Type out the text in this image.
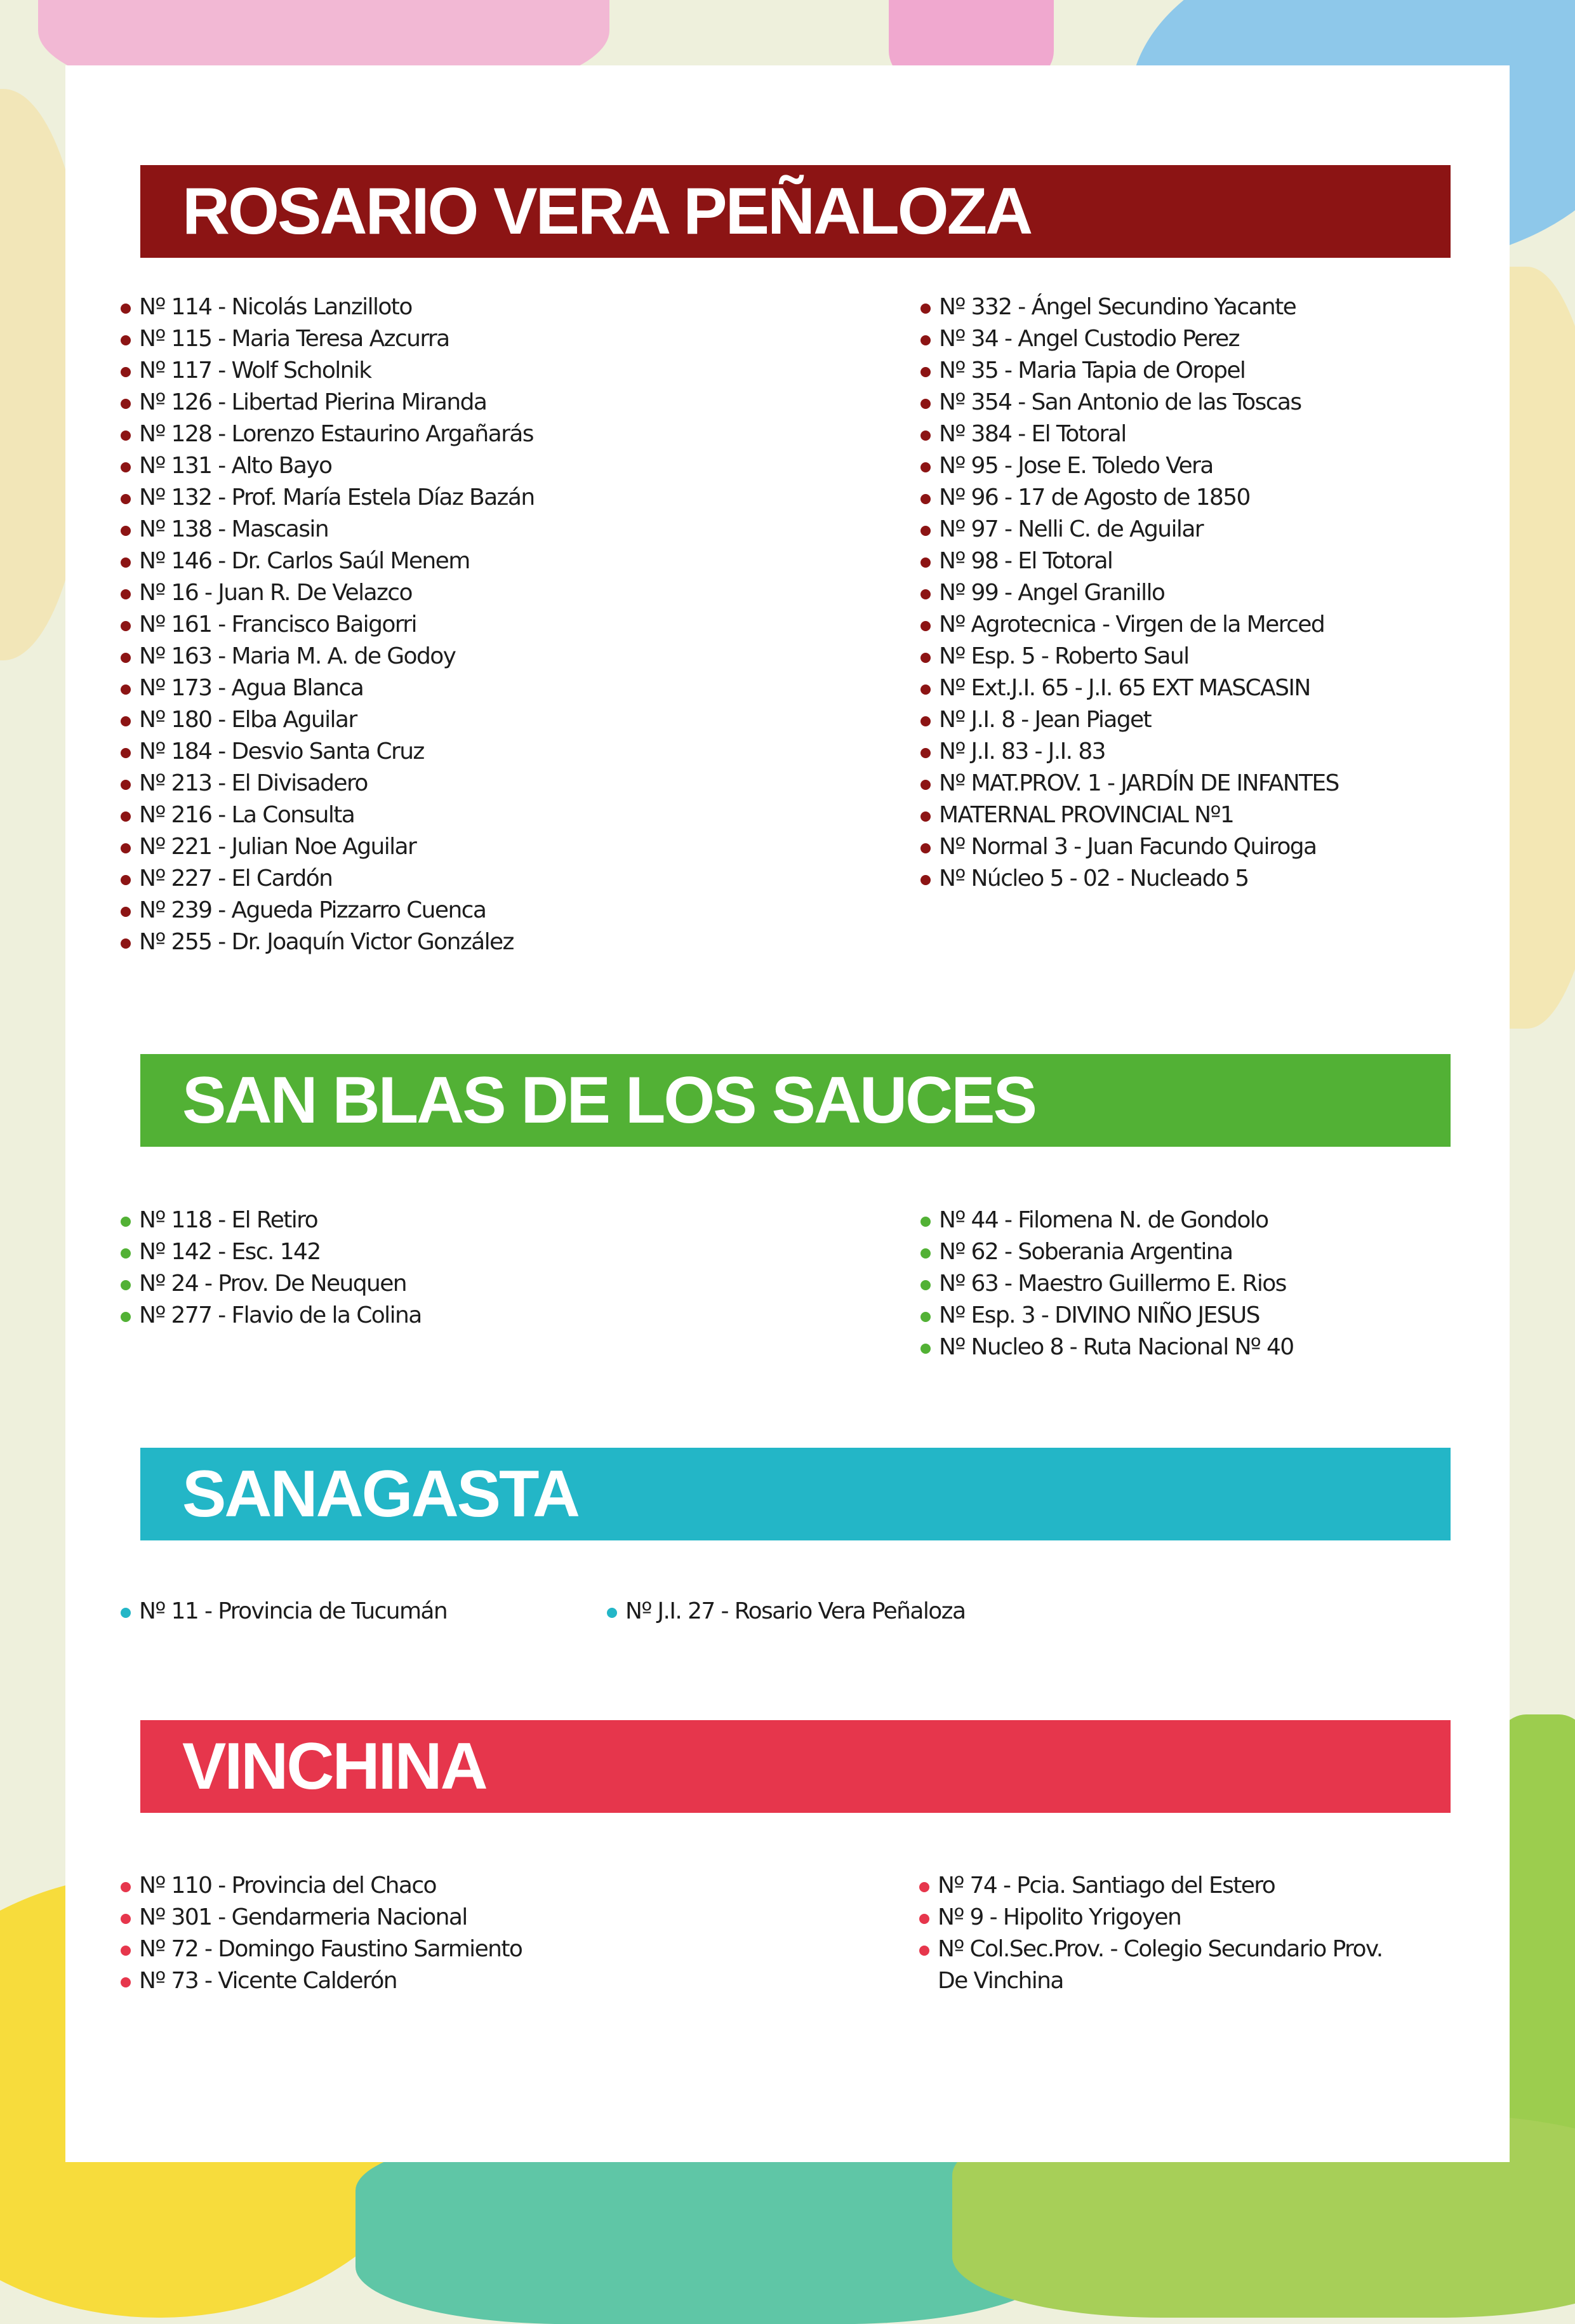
ROSARIO VERA PEÑALOZA
Nº 114 - Nicolás Lanzilloto
Nº 115 - Maria Teresa Azcurra
Nº 117 - Wolf Scholnik
Nº 126 - Libertad Pierina Miranda
Nº 128 - Lorenzo Estaurino Argañarás
Nº 131 - Alto Bayo
Nº 132 - Prof. María Estela Díaz Bazán
Nº 138 - Mascasin
Nº 146 - Dr. Carlos Saúl Menem
Nº 16 - Juan R. De Velazco
Nº 161 - Francisco Baigorri
Nº 163 - Maria M. A. de Godoy
Nº 173 - Agua Blanca
Nº 180 - Elba Aguilar
Nº 184 - Desvio Santa Cruz
Nº 213 - El Divisadero
Nº 216 - La Consulta
Nº 221 - Julian Noe Aguilar
Nº 227 - El Cardón
Nº 239 - Agueda Pizzarro Cuenca
Nº 255 - Dr. Joaquín Victor González
Nº 332 - Ángel Secundino Yacante
Nº 34 - Angel Custodio Perez
Nº 35 - Maria Tapia de Oropel
Nº 354 - San Antonio de las Toscas
Nº 384 - El Totoral
Nº 95 - Jose E. Toledo Vera
Nº 96 - 17 de Agosto de 1850
Nº 97 - Nelli C. de Aguilar
Nº 98 - El Totoral
Nº 99 - Angel Granillo
Nº Agrotecnica - Virgen de la Merced
Nº Esp. 5 - Roberto Saul
Nº Ext.J.I. 65 - J.I. 65 EXT MASCASIN
Nº J.I. 8 - Jean Piaget
Nº J.I. 83 - J.I. 83
Nº MAT.PROV. 1 - JARDÍN DE INFANTES
MATERNAL PROVINCIAL Nº1
Nº Normal 3 - Juan Facundo Quiroga
Nº Núcleo 5 - 02 - Nucleado 5
SAN BLAS DE LOS SAUCES
Nº 118 - El Retiro
Nº 142 - Esc. 142
Nº 24 - Prov. De Neuquen
Nº 277 - Flavio de la Colina
Nº 44 - Filomena N. de Gondolo
Nº 62 - Soberania Argentina
Nº 63 - Maestro Guillermo E. Rios
Nº Esp. 3 - DIVINO NIÑO JESUS
Nº Nucleo 8 - Ruta Nacional Nº 40
SANAGASTA
Nº 11 - Provincia de Tucumán	Nº J.I. 27 - Rosario Vera Peñaloza
VINCHINA
Nº 110 - Provincia del Chaco
Nº 301 - Gendarmeria Nacional
Nº 72 - Domingo Faustino Sarmiento
Nº 73 - Vicente Calderón
Nº 74 - Pcia. Santiago del Estero
Nº 9 - Hipolito Yrigoyen
Nº Col.Sec.Prov. - Colegio Secundario Prov. De Vinchina
